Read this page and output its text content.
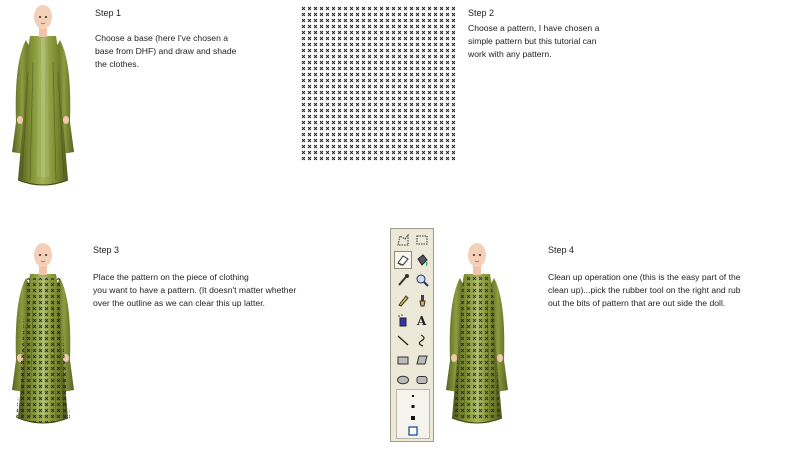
Step 1
Choose a base (here I've chosen a
base from DHF) and draw and shade
the clothes.
Step 2
Choose a pattern, I have chosen a
simple pattern but this tutorial can
work with any pattern.
Step 3
Place the pattern on the piece of clothing
you want to have a pattern. (It doesn't matter whether
over the outline as we can clear this up latter.
A
Step 4
Clean up operation one (this is the easy part of the
clean up)...pick the rubber tool on the right and rub
out the bits of pattern that are out side the doll.
